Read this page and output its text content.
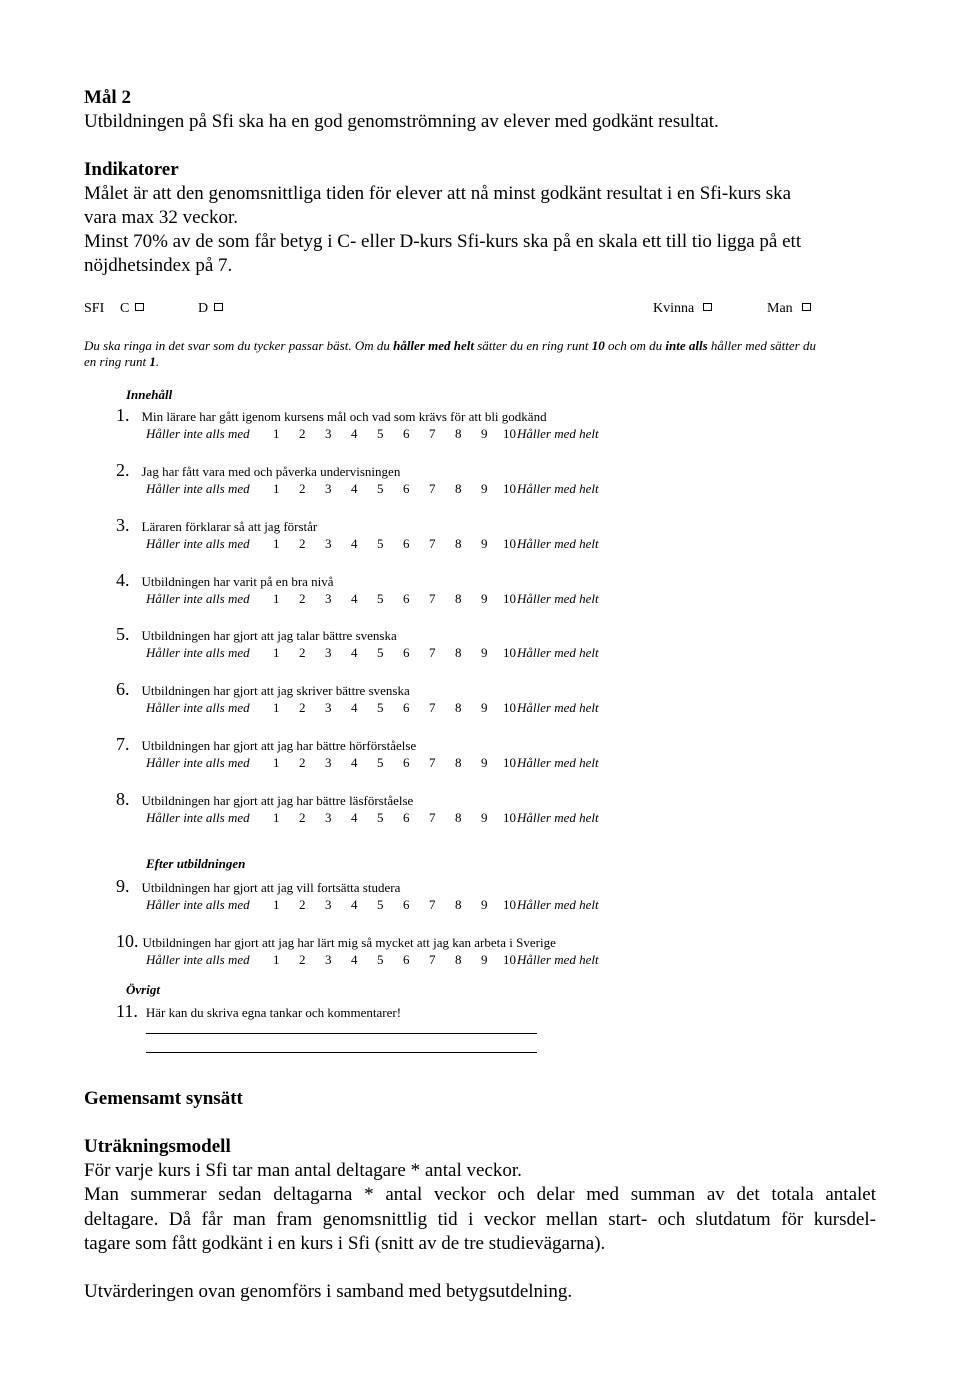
Mål 2
Utbildningen på Sfi ska ha en god genomströmning av elever med godkänt resultat.
Indikatorer
Målet är att den genomsnittliga tiden för elever att nå minst godkänt resultat i en Sfi-kurs ska
vara max 32 veckor.
Minst 70% av de som får betyg i C- eller D-kurs Sfi-kurs ska på en skala ett till tio ligga på ett
nöjdhetsindex på 7.
SFI C	D	Kvinna	Man
Du ska ringa in det svar som du tycker passar bäst. Om du håller med helt sätter du en ring runt 10 och om du inte alls håller med sätter du
en ring runt 1.
Innehåll
1. Min lärare har gått igenom kursens mål och vad som krävs för att bli godkänd
Håller inte alls med 1 2 3 4 5 6 7 8 9 10 Håller med helt
2. Jag har fått vara med och påverka undervisningen
Håller inte alls med 1 2 3 4 5 6 7 8 9 10 Håller med helt
3. Läraren förklarar så att jag förstår
Håller inte alls med 1 2 3 4 5 6 7 8 9 10 Håller med helt
4. Utbildningen har varit på en bra nivå
Håller inte alls med 1 2 3 4 5 6 7 8 9 10 Håller med helt
5. Utbildningen har gjort att jag talar bättre svenska
Håller inte alls med 1 2 3 4 5 6 7 8 9 10 Håller med helt
6. Utbildningen har gjort att jag skriver bättre svenska
Håller inte alls med 1 2 3 4 5 6 7 8 9 10 Håller med helt
7. Utbildningen har gjort att jag har bättre hörförståelse
Håller inte alls med 1 2 3 4 5 6 7 8 9 10 Håller med helt
8. Utbildningen har gjort att jag har bättre läsförståelse
Håller inte alls med 1 2 3 4 5 6 7 8 9 10 Håller med helt
9. Utbildningen har gjort att jag vill fortsätta studera
Håller inte alls med 1 2 3 4 5 6 7 8 9 10 Håller med helt
10. Utbildningen har gjort att jag har lärt mig så mycket att jag kan arbeta i Sverige
Håller inte alls med 1 2 3 4 5 6 7 8 9 10 Håller med helt
Efter utbildningen
Övrigt
11. Här kan du skriva egna tankar och kommentarer!
Gemensamt synsätt
Uträkningsmodell
För varje kurs i Sfi tar man antal deltagare * antal veckor.
Man summerar sedan deltagarna * antal veckor och delar med summan av det totala antalet
deltagare. Då får man fram genomsnittlig tid i veckor mellan start- och slutdatum för kursdel-
tagare som fått godkänt i en kurs i Sfi (snitt av de tre studievägarna).
Utvärderingen ovan genomförs i samband med betygsutdelning.
